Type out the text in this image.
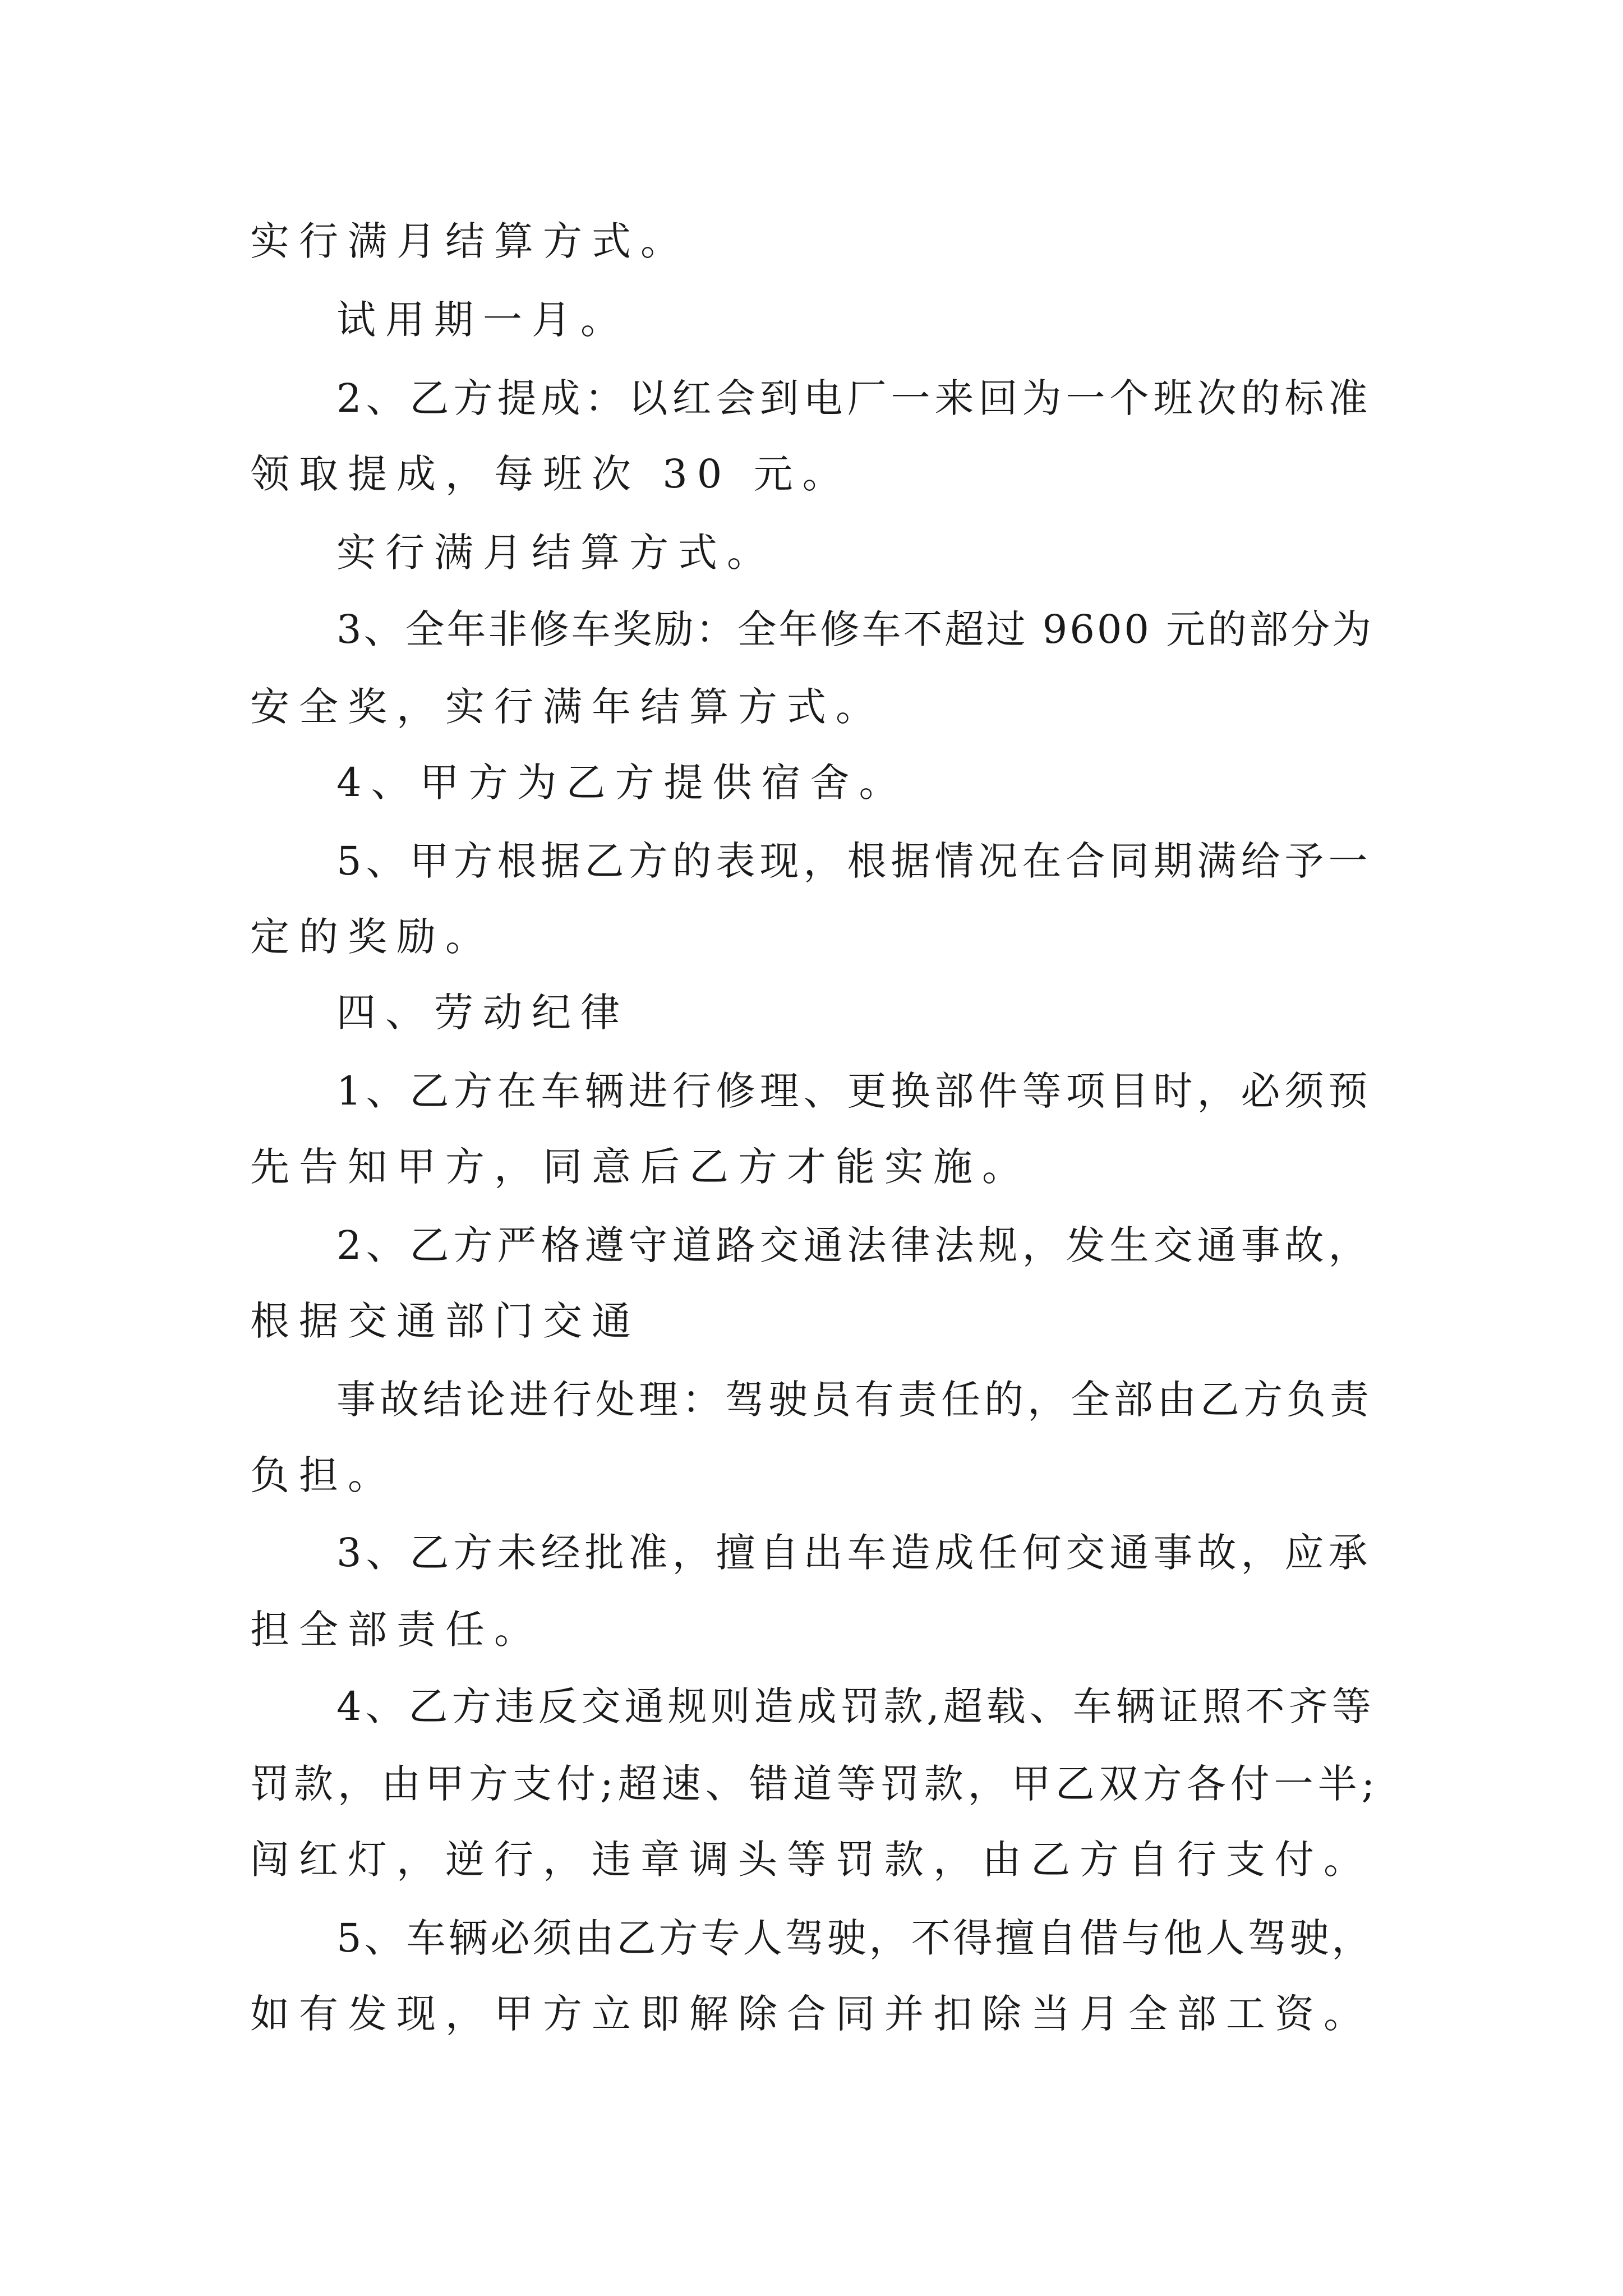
实行满月结算方式。
试用期一月。
2、乙方提成：以红会到电厂一来回为一个班次的标准
领取提成，每班次 30 元。
实行满月结算方式。
3、全年非修车奖励：全年修车不超过 9600 元的部分为
安全奖，实行满年结算方式。
4、甲方为乙方提供宿舍。
5、甲方根据乙方的表现，根据情况在合同期满给予一
定的奖励。
四、劳动纪律
1、乙方在车辆进行修理、更换部件等项目时，必须预
先告知甲方，同意后乙方才能实施。
2、乙方严格遵守道路交通法律法规，发生交通事故，
根据交通部门交通
事故结论进行处理：驾驶员有责任的，全部由乙方负责
负担。
3、乙方未经批准，擅自出车造成任何交通事故，应承
担全部责任。
4、乙方违反交通规则造成罚款,超载、车辆证照不齐等
罚款，由甲方支付;超速、错道等罚款，甲乙双方各付一半;
闯红灯，逆行，违章调头等罚款，由乙方自行支付。
5、车辆必须由乙方专人驾驶，不得擅自借与他人驾驶，
如有发现，甲方立即解除合同并扣除当月全部工资。
